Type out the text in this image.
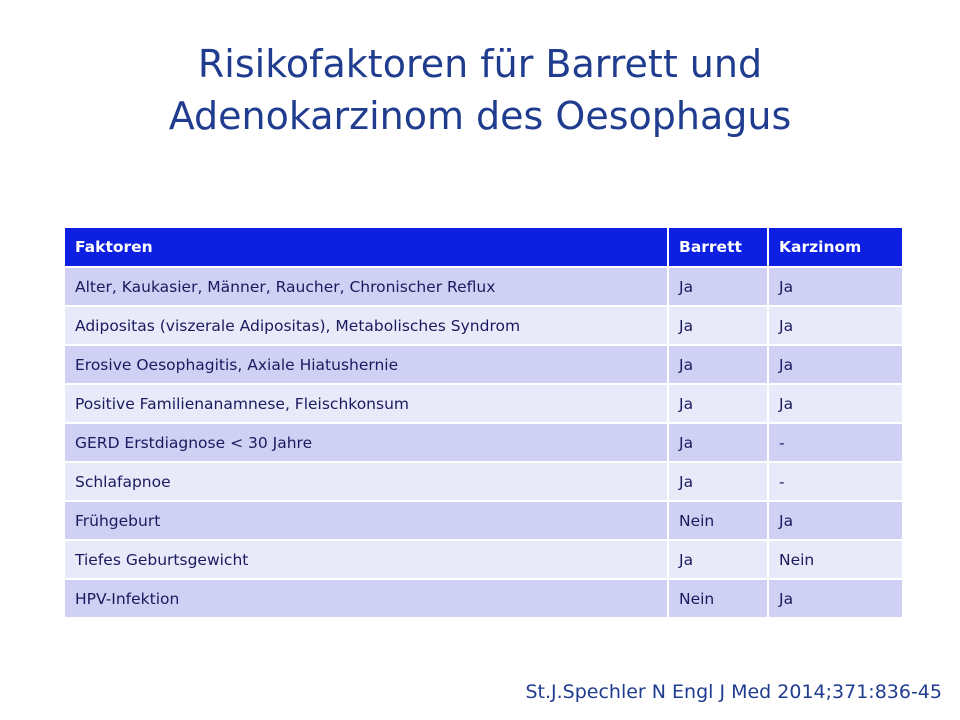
Risikofaktoren für Barrett und
Adenokarzinom des Oesophagus
Faktoren	Barrett	Karzinom
Alter, Kaukasier, Männer, Raucher, Chronischer Reflux	Ja	Ja
Adipositas (viszerale Adipositas), Metabolisches Syndrom	Ja	Ja
Erosive Oesophagitis, Axiale Hiatushernie	Ja	Ja
Positive Familienanamnese, Fleischkonsum	Ja	Ja
GERD Erstdiagnose < 30 Jahre	Ja	-
Schlafapnoe	Ja	-
Frühgeburt	Nein	Ja
Tiefes Geburtsgewicht	Ja	Nein
HPV-Infektion	Nein	Ja
St.J.Spechler N Engl J Med 2014;371:836-45
